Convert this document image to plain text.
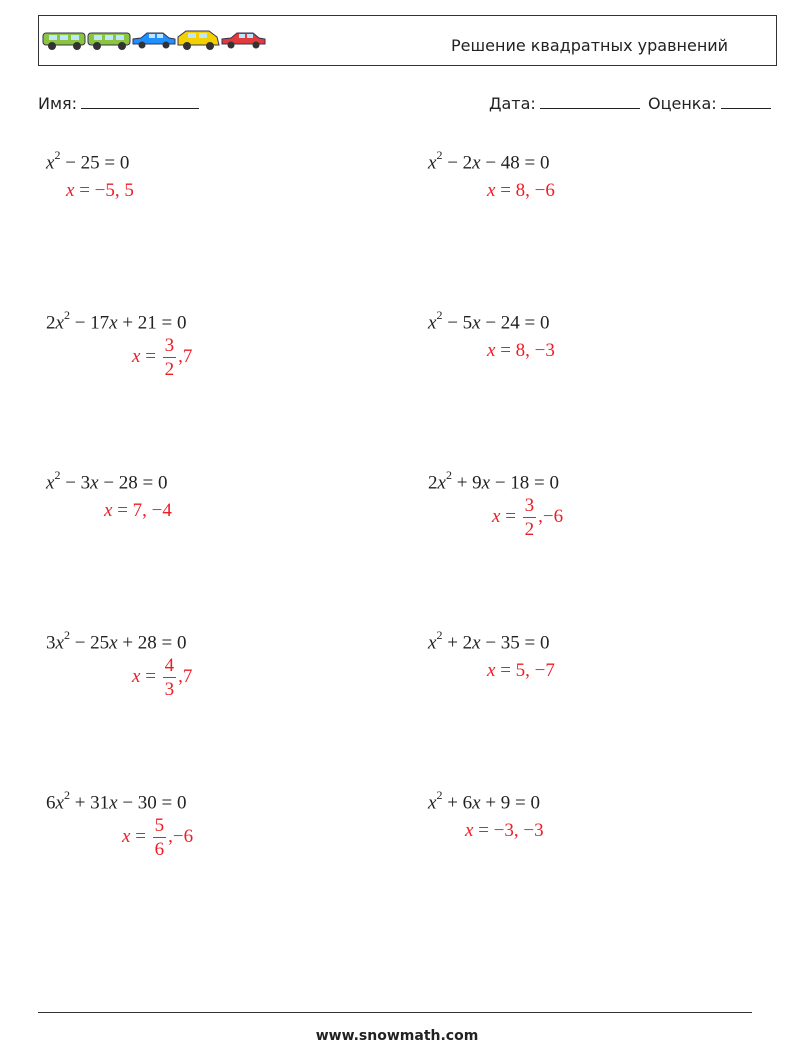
Решение квадратных уравнений
Имя:	Дата:	Оценка:
$x^2 - 25 = 0$
x = −5, 5
$x^2 - 2x - 48 = 0$
x = 8, −6
$2x^2 - 17x + 21 = 0$
$x = \frac{3}{2} ,7$
$x^2 - 5x - 24 = 0$
x = 8, −3
$x^2 - 3x - 28 = 0$
x = 7, −4
$2x^2 + 9x - 18 = 0$
$x = \frac{3}{2} ,-6$
$3x^2 - 25x + 28 = 0$
$x = \frac{4}{3} ,7$
$x^2 + 2x - 35 = 0$
x = 5, −7
$6x^2 + 31x - 30 = 0$
$x = \frac{5}{6} ,-6$
$x^2 + 6x + 9 = 0$
x = −3, −3
www.snowmath.com
